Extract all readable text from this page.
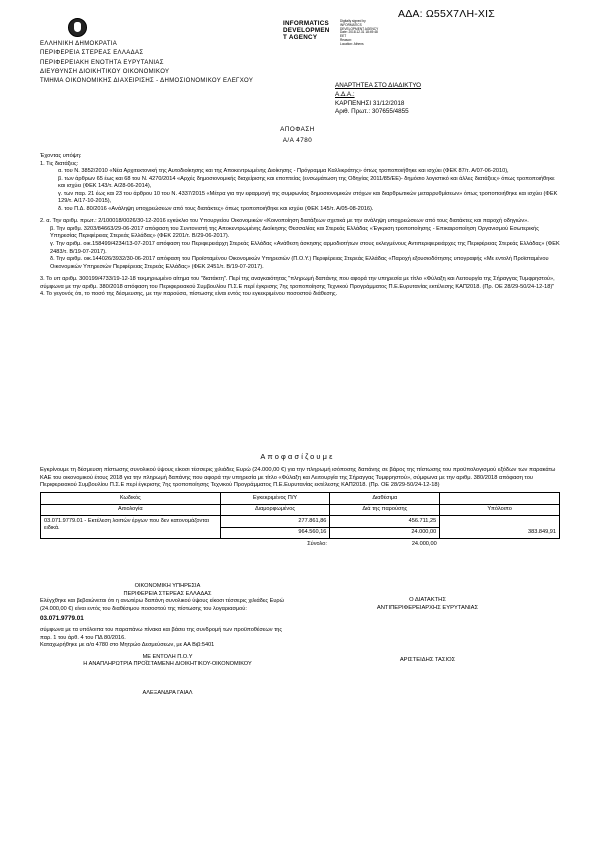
ΑΔΑ: Ω55Χ7ΛΗ-ΧΙΣ
INFORMATICS
DEVELOPMEN
T AGENCY
Digitally signed by
INFORMATICS DEVELOPMENT AGENCY
Date: 2018.12.31 18:49:48
EET
Reason:
Location: Athens
ΕΛΛΗΝΙΚΗ ΔΗΜΟΚΡΑΤΙΑ
ΠΕΡΙΦΕΡΕΙΑ ΣΤΕΡΕΑΣ ΕΛΛΑΔΑΣ
ΠΕΡΙΦΕΡΕΙΑΚΗ ΕΝΟΤΗΤΑ ΕΥΡΥΤΑΝΙΑΣ
ΔΙΕΥΘΥΝΣΗ ΔΙΟΙΚΗΤΙΚΟΥ ΟΙΚΟΝΟΜΙΚΟΥ
ΤΜΗΜΑ ΟΙΚΟΝΟΜΙΚΗΣ ΔΙΑΧΕΙΡΙΣΗΣ - ΔΗΜΟΣΙΟΝΟΜΙΚΟΥ ΕΛΕΓΧΟΥ
ΑΝΑΡΤΗΤΕΑ ΣΤΟ ΔΙΑΔΙΚΤΥΟ
Α.Δ.Α.:
ΚΑΡΠΕΝΗΣΙ 31/12/2018
Αριθ. Πρωτ.: 307655/4855
ΑΠΟΦΑΣΗ
Α/Α 4780

Έχοντας υπόψη:

1. Τις διατάξεις:

α. του Ν. 3852/2010 «Νέα Αρχιτεκτονική της Αυτοδιοίκησης και της Αποκεντρωμένης Διοίκησης - Πρόγραμμα Καλλικράτης» όπως τροποποιήθηκε και ισχύει (ΦΕΚ 87/τ. Α/07-06-2010),

β. των άρθρων 65 έως και 68 του Ν. 4270/2014 «Αρχές δημοσιονομικής διαχείρισης και εποπτείας (ενσωμάτωση της Οδηγίας 2011/85/ΕΕ)- δημόσιο λογιστικό και άλλες διατάξεις» όπως τροποποιήθηκε και ισχύει (ΦΕΚ 143/τ. Α/28-06-2014),

γ. των παρ. 21 έως και 23 του άρθρου 10 του Ν. 4337/2015 «Μέτρα για την εφαρμογή της συμφωνίας δημοσιονομικών στόχων και διαρθρωτικών μεταρρυθμίσεων» όπως τροποποιήθηκε και ισχύει (ΦΕΚ 129/τ. Α/17-10-2015),

δ. του Π.Δ. 80/2016 «Ανάληψη υποχρεώσεων από τους διατάκτες» όπως τροποποιήθηκε και ισχύει (ΦΕΚ 145/τ. Α/05-08-2016).

2. α. Την αριθμ. πρωτ.: 2/100018/0026/30-12-2016 εγκύκλιο του Υπουργείου Οικονομικών «Κοινοποίηση διατάξεων σχετικά με την ανάληψη υποχρεώσεων από τους διατάκτες και παροχή οδηγιών».

β. Την αριθμ. 3203/84663/29-06-2017 απόφαση του Συντονιστή της Αποκεντρωμένης Διοίκησης Θεσσαλίας και Στερεάς Ελλάδας «Έγκριση τροποποίησης - Επικαιροποίηση Οργανισμού Εσωτερικής Υπηρεσίας Περιφέρειας Στερεάς Ελλάδας» (ΦΕΚ 2201/τ. Β/29-06-2017).

γ. Την αριθμ. οικ.158499/4234/13-07-2017 απόφαση του Περιφερειάρχη Στερεάς Ελλάδας «Ανάθεση άσκησης αρμοδιοτήτων στους εκλεγμένους Αντιπεριφερειάρχες της Περιφέρειας Στερεάς Ελλάδας» (ΦΕΚ 2483/τ. Β/19-07-2017).

δ. Την αριθμ. οικ.144026/3932/30-06-2017 απόφαση του Προϊσταμένου Οικονομικών Υπηρεσιών (Π.Ο.Υ.) Περιφέρειας Στερεάς Ελλάδας «Παροχή εξουσιοδότησης υπογραφής «Με εντολή Προϊσταμένου Οικονομικών Υπηρεσιών Περιφέρειας Στερεάς Ελλάδας» (ΦΕΚ 2451/τ. Β/19-07-2017).

3. Το υπ αριθμ. 300199/4733/19-12-18 τεκμηριωμένο αίτημα του "διατάκτη". Περί της αναγκαιότητας "πληρωμή δαπάνης που αφορά την υπηρεσία με τίτλο «Φύλαξη και Λειτουργία της Σήραγγας Τυμφρηστού», σύμφωνα με την αριθμ. 380/2018 απόφαση του Περιφερειακού Συμβουλίου Π.Σ.Ε περί έγκρισης 7ης τροποποίησης Τεχνικού Προγράμματος Π.Ε.Ευρυτανίας εκτέλεσης ΚΑΠ2018. (Πρ. ΟΕ 28/29-50/24-12-18)"

4. Το γεγονός ότι, το ποσό της δέσμευσης, με την παρούσα, πίστωσης είναι εντός του εγκεκριμένου ποσοστού διάθεσης.

Αποφασίζουμε
Εγκρίνουμε τη δέσμευση πίστωσης συνολικού ύψους είκοσι τέσσερις χιλιάδες Ευρώ (24.000,00 €) για την πληρωμή ισόποσης δαπάνης σε βάρος της πίστωσης του προϋπολογισμού εξόδων των παρακάτω ΚΑΕ του οικονομικού έτους 2018 για την πληρωμή δαπάνης που αφορά την υπηρεσία με τίτλο «Φύλαξη και Λειτουργία της Σήραγγας Τυμφρηστού», σύμφωνα με την αριθμ. 380/2018 απόφαση του Περιφερειακού Συμβουλίου Π.Σ.Ε περί έγκρισης 7ης τροποποίησης Τεχνικού Προγράμματος Π.Ε.Ευρυτανίας εκτέλεσης ΚΑΠ2018. (Πρ. ΟΕ 28/29-50/24-12-18)
Κωδικός	Εγκεκριμένος Π/Υ	Διαθέσιμα	
Αιτιολογία	Διαμορφωμένος	Διά της παρούσης	Υπόλοιπο
03.071.9779.01 - Εκτέλεση λοιπών έργων που δεν κατονομάζονται ειδικά.	277.861,86	456.711,25	383.849,91
	964.560,16	24.000,00	
	Σύνολο:	24.000,00	
ΟΙΚΟΝΟΜΙΚΗ ΥΠΗΡΕΣΙΑ
ΠΕΡΙΦΕΡΕΙΑ ΣΤΕΡΕΑΣ ΕΛΛΑΔΑΣ
Ελέγχθηκε και βεβαιώνεται ότι η ανωτέρω δαπάνη συνολικού ύψους είκοσι τέσσερις χιλιάδες Ευρώ (24.000,00 €) είναι εντός του διαθέσιμου ποσοστού της πίστωσης του λογαριασμού:
03.071.9779.01
σύμφωνα με τα υπόλοιπα του παραπάνω πίνακα και βάσει της συνδρομή των προϋποθέσεων της παρ. 1 του άρθ. 4 του ΠΔ 80/2016.
Καταχωρήθηκε με α/α 4780 στο Μητρώο Δεσμεύσεων, με ΑΑ Βιβ:5401
ΜΕ ΕΝΤΟΛΗ Π.Ο.Υ
Η ΑΝΑΠΛΗΡΩΤΡΙΑ ΠΡΟΪΣΤΑΜΕΝΗ ΔΙΟΙΚΗΤΙΚΟΥ-ΟΙΚΟΝΟΜΙΚΟΥ
ΑΛΕΞΑΝΔΡΑ ΓΑΙΑΛ
Ο ΔΙΑΤΑΚΤΗΣ
ΑΝΤΙΠΕΡΙΦΕΡΕΙΑΡΧΗΣ ΕΥΡΥΤΑΝΙΑΣ
ΑΡΙΣΤΕΙΔΗΣ ΤΑΣΙΟΣ
